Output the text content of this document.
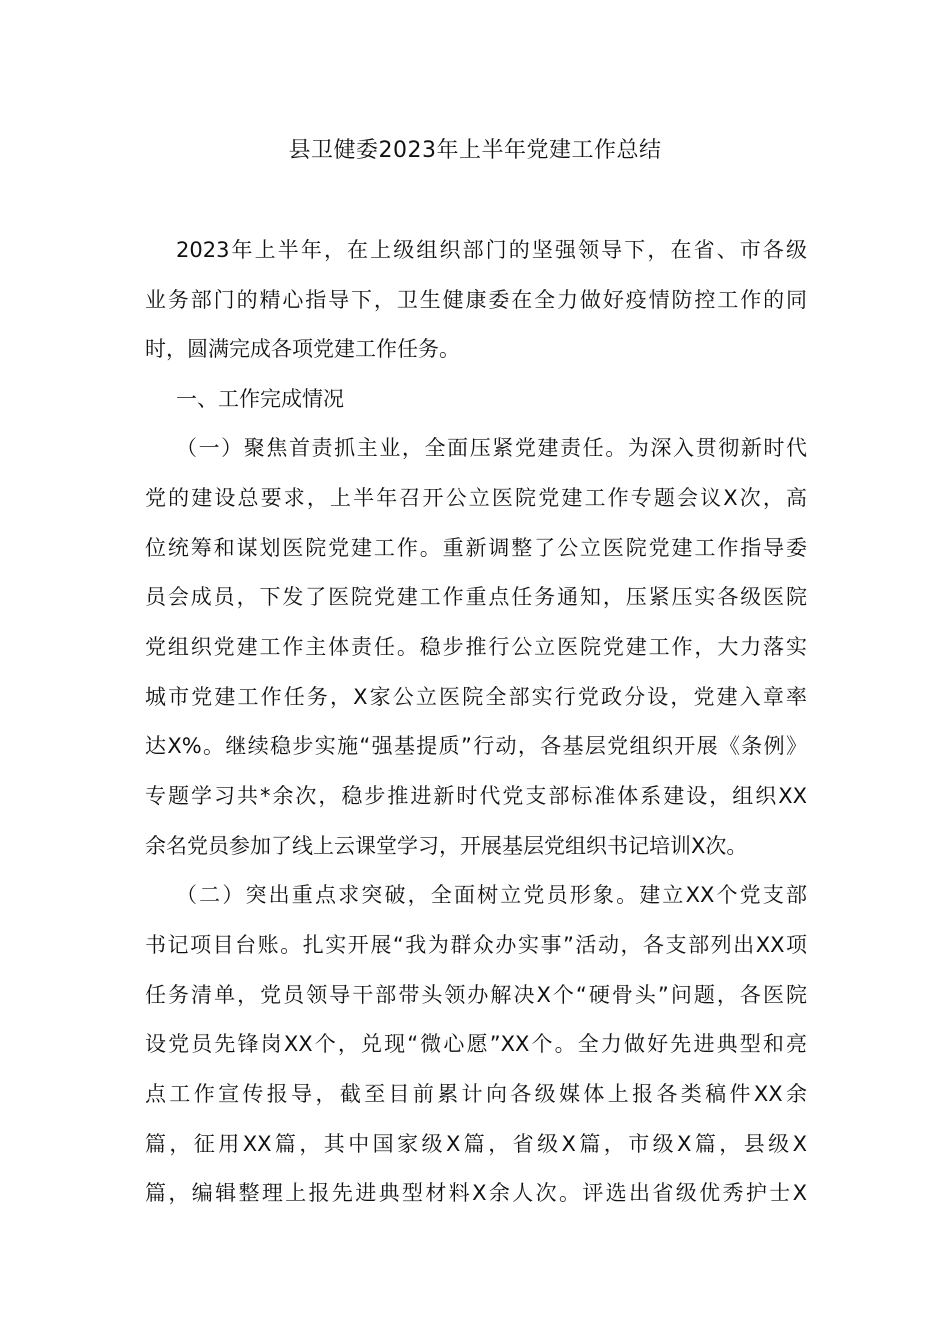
县卫健委2023年上半年党建工作总结
2023年上半年，在上级组织部门的坚强领导下，在省、市各级
业务部门的精心指导下，卫生健康委在全力做好疫情防控工作的同
时，圆满完成各项党建工作任务。
一、工作完成情况
（一）聚焦首责抓主业，全面压紧党建责任。为深入贯彻新时代
党的建设总要求，上半年召开公立医院党建工作专题会议X次，高
位统筹和谋划医院党建工作。重新调整了公立医院党建工作指导委
员会成员，下发了医院党建工作重点任务通知，压紧压实各级医院
党组织党建工作主体责任。稳步推行公立医院党建工作，大力落实
城市党建工作任务，X家公立医院全部实行党政分设，党建入章率
达X%。继续稳步实施“强基提质”行动，各基层党组织开展《条例》
专题学习共*余次，稳步推进新时代党支部标准体系建设，组织XX
余名党员参加了线上云课堂学习，开展基层党组织书记培训X次。
（二）突出重点求突破，全面树立党员形象。建立XX个党支部
书记项目台账。扎实开展“我为群众办实事”活动，各支部列出XX项
任务清单，党员领导干部带头领办解决X个“硬骨头”问题，各医院
设党员先锋岗XX个，兑现“微心愿”XX个。全力做好先进典型和亮
点工作宣传报导，截至目前累计向各级媒体上报各类稿件XX余
篇，征用XX篇，其中国家级X篇，省级X篇，市级X篇，县级X
篇，编辑整理上报先进典型材料X余人次。评选出省级优秀护士X
